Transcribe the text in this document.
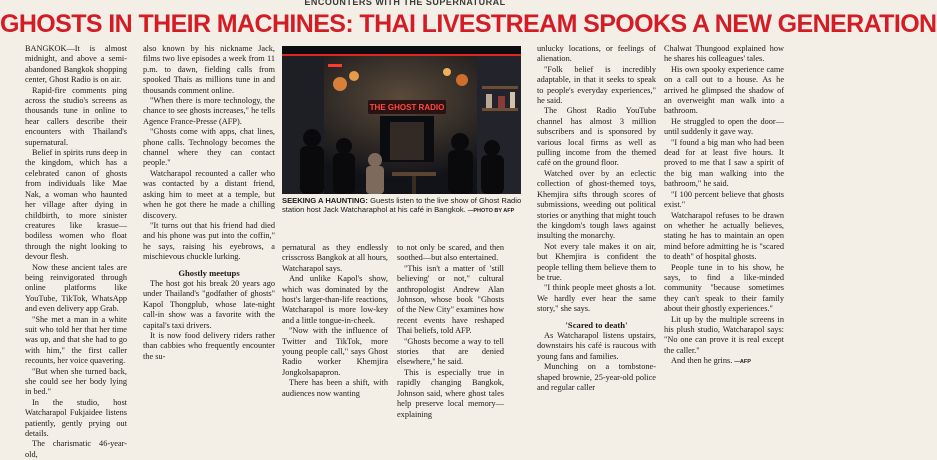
ENCOUNTERS WITH THE SUPERNATURAL
GHOSTS IN THEIR MACHINES: THAI LIVESTREAM SPOOKS A NEW GENERATION

BANGKOK—It is almost midnight, and above a semi-abandoned Bangkok shopping center, Ghost Radio is on air.

Rapid-fire comments ping across the studio's screens as thousands tune in online to hear callers describe their encounters with Thailand's supernatural.

Belief in spirits runs deep in the kingdom, which has a celebrated canon of ghosts from individuals like Mae Nak, a woman who haunted her village after dying in childbirth, to more sinister creatures like krasue—bodiless women who float through the night looking to devour flesh.

Now these ancient tales are being reinvigorated through online platforms like YouTube, TikTok, WhatsApp and even delivery app Grab.

"She met a man in a white suit who told her that her time was up, and that she had to go with him," the first caller recounts, her voice quavering.

"But when she turned back, she could see her body lying in bed."

In the studio, host Watcharapol Fukjaidee listens patiently, gently prying out details.

The charismatic 46-year-old,

also known by his nickname Jack, films two live episodes a week from 11 p.m. to dawn, fielding calls from spooked Thais as millions tune in and thousands comment online.

"When there is more technology, the chance to see ghosts increases," he tells Agence France-Presse (AFP).

"Ghosts come with apps, chat lines, phone calls. Technology becomes the channel where they can contact people."

Watcharapol recounted a caller who was contacted by a distant friend, asking him to meet at a temple, but when he got there he made a chilling discovery.

"It turns out that his friend had died and his phone was put into the coffin," he says, raising his eyebrows, a mischievous chuckle lurking.

Ghostly meetups

The host got his break 20 years ago under Thailand's "godfather of ghosts" Kapol Thongplub, whose late-night call-in show was a favorite with the capital's taxi drivers.

It is now food delivery riders rather than cabbies who frequently encounter the su-

THE GHOST RADIO
SEEKING A HAUNTING: Guests listen to the live show of Ghost Radio station host Jack Watcharaphol at his café in Bangkok. —PHOTO BY AFP

pernatural as they endlessly crisscross Bangkok at all hours, Watcharapol says.

And unlike Kapol's show, which was dominated by the host's larger-than-life reactions, Watcharapol is more low-key and a little tongue-in-cheek.

"Now with the influence of Twitter and TikTok, more young people call," says Ghost Radio worker Khemjira Jongkolsapapron.

There has been a shift, with audiences now wanting

to not only be scared, and then soothed—but also entertained.

"This isn't a matter of 'still believing' or not," cultural anthropologist Andrew Alan Johnson, whose book "Ghosts of the New City" examines how recent events have reshaped Thai beliefs, told AFP.

"Ghosts become a way to tell stories that are denied elsewhere," he said.

This is especially true in rapidly changing Bangkok, Johnson said, where ghost tales help preserve local memory—explaining

unlucky locations, or feelings of alienation.

"Folk belief is incredibly adaptable, in that it seeks to speak to people's everyday experiences," he said.

The Ghost Radio YouTube channel has almost 3 million subscribers and is sponsored by various local firms as well as pulling income from the themed café on the ground floor.

Watched over by an eclectic collection of ghost-themed toys, Khemjira sifts through scores of submissions, weeding out political stories or anything that might touch the kingdom's tough laws against insulting the monarchy.

Not every tale makes it on air, but Khemjira is confident the people telling them believe them to be true.

"I think people meet ghosts a lot. We hardly ever hear the same story," she says.

'Scared to death'

As Watcharapol listens upstairs, downstairs his café is raucous with young fans and families.

Munching on a tombstone-shaped brownie, 25-year-old police and regular caller

Chalwat Thungood explained how he shares his colleagues' tales.

His own spooky experience came on a call out to a house. As he arrived he glimpsed the shadow of an overweight man walk into a bathroom.

He struggled to open the door—until suddenly it gave way.

"I found a big man who had been dead for at least five hours. It proved to me that I saw a spirit of the big man walking into the bathroom," he said.

"I 100 percent believe that ghosts exist."

Watcharapol refuses to be drawn on whether he actually believes, stating he has to maintain an open mind before admitting he is "scared to death" of hospital ghosts.

People tune in to his show, he says, to find a like-minded community "because sometimes they can't speak to their family about their ghostly experiences."

Lit up by the multiple screens in his plush studio, Watcharapol says: "No one can prove it is real except the caller."

And then he grins. —AFP
